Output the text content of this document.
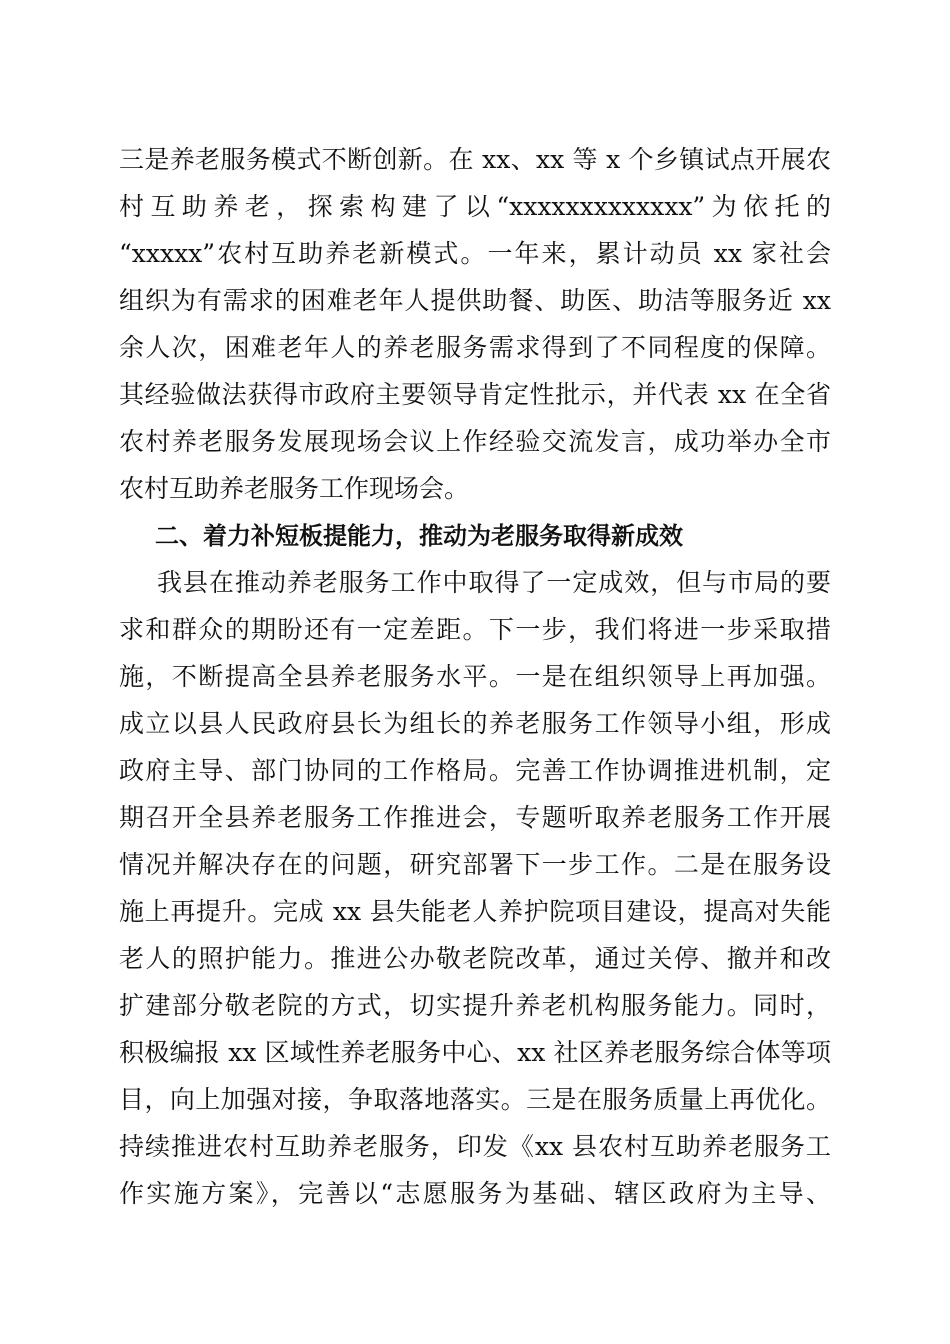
三是养老服务模式不断创新。在 xx、xx 等 x 个乡镇试点开展农
村互助养老，探索构建了以“xxxxxxxxxxxxx”为依托的
“xxxxx”农村互助养老新模式。一年来，累计动员 xx 家社会
组织为有需求的困难老年人提供助餐、助医、助洁等服务近 xx
余人次，困难老年人的养老服务需求得到了不同程度的保障。
其经验做法获得市政府主要领导肯定性批示，并代表 xx 在全省
农村养老服务发展现场会议上作经验交流发言，成功举办全市
农村互助养老服务工作现场会。
二、着力补短板提能力，推动为老服务取得新成效
我县在推动养老服务工作中取得了一定成效，但与市局的要
求和群众的期盼还有一定差距。下一步，我们将进一步采取措
施，不断提高全县养老服务水平。一是在组织领导上再加强。
成立以县人民政府县长为组长的养老服务工作领导小组，形成
政府主导、部门协同的工作格局。完善工作协调推进机制，定
期召开全县养老服务工作推进会，专题听取养老服务工作开展
情况并解决存在的问题，研究部署下一步工作。二是在服务设
施上再提升。完成 xx 县失能老人养护院项目建设，提高对失能
老人的照护能力。推进公办敬老院改革，通过关停、撤并和改
扩建部分敬老院的方式，切实提升养老机构服务能力。同时，
积极编报 xx 区域性养老服务中心、xx 社区养老服务综合体等项
目，向上加强对接，争取落地落实。三是在服务质量上再优化。
持续推进农村互助养老服务，印发《xx 县农村互助养老服务工
作实施方案》，完善以“志愿服务为基础、辖区政府为主导、
